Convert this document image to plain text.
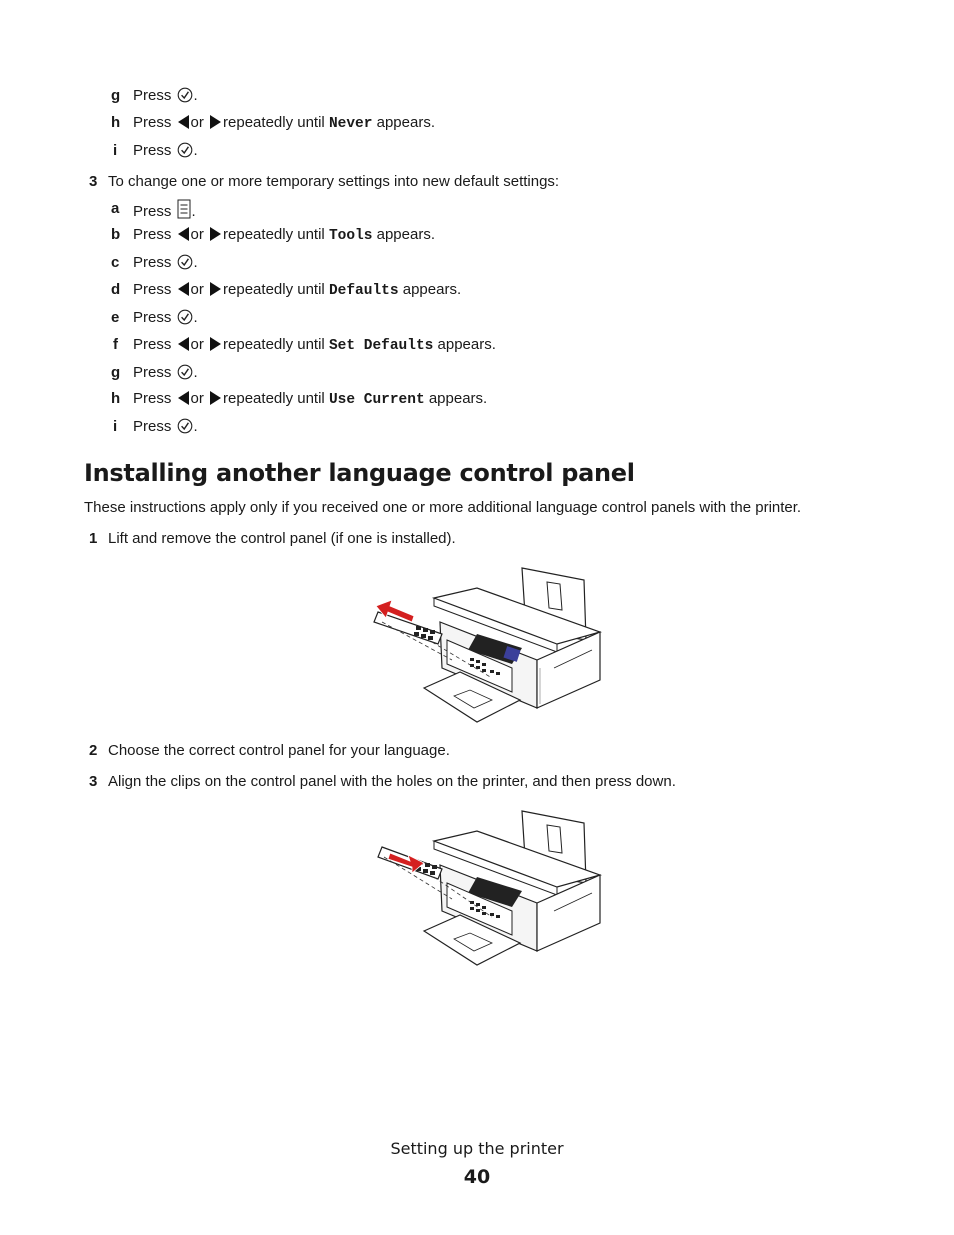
g Press .
h Press or repeatedly until Never appears.
i Press .
3 To change one or more temporary settings into new default settings:
a Press .
b Press or repeatedly until Tools appears.
c Press .
d Press or repeatedly until Defaults appears.
e Press .
f Press or repeatedly until Set Defaults appears.
g Press .
h Press or repeatedly until Use Current appears.
i Press .
Installing another language control panel
These instructions apply only if you received one or more additional language control panels with the printer.
1 Lift and remove the control panel (if one is installed).
2 Choose the correct control panel for your language.
3 Align the clips on the control panel with the holes on the printer, and then press down.
Setting up the printer
40
